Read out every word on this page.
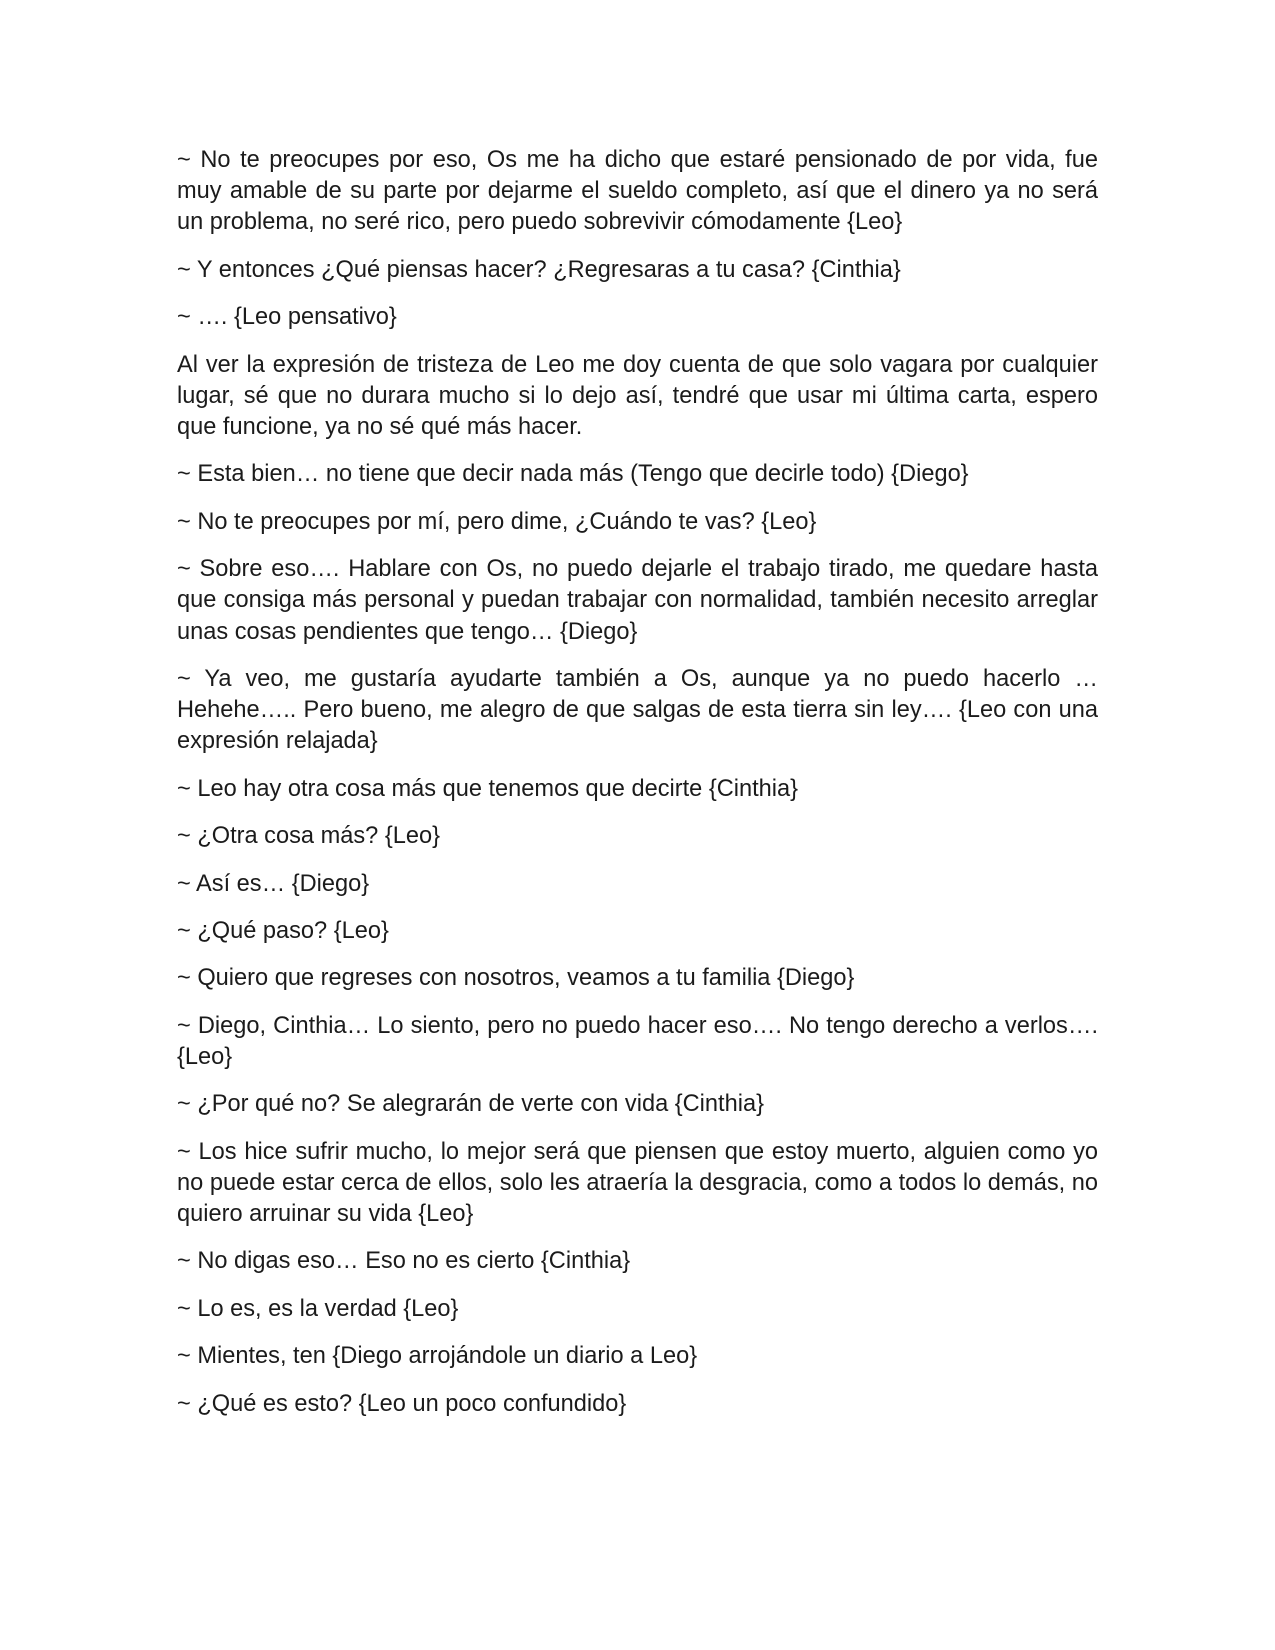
~ No te preocupes por eso, Os me ha dicho que estaré pensionado de por vida, fue muy amable de su parte por dejarme el sueldo completo, así que el dinero ya no será un problema, no seré rico, pero puedo sobrevivir cómodamente {Leo}

~ Y entonces ¿Qué piensas hacer? ¿Regresaras a tu casa? {Cinthia}

~ …. {Leo pensativo}

Al ver la expresión de tristeza de Leo me doy cuenta de que solo vagara por cualquier lugar, sé que no durara mucho si lo dejo así, tendré que usar mi última carta, espero que funcione, ya no sé qué más hacer.

~ Esta bien… no tiene que decir nada más (Tengo que decirle todo) {Diego}

~ No te preocupes por mí, pero dime, ¿Cuándo te vas? {Leo}

~ Sobre eso…. Hablare con Os, no puedo dejarle el trabajo tirado, me quedare hasta que consiga más personal y puedan trabajar con normalidad, también necesito arreglar unas cosas pendientes que tengo… {Diego}

~ Ya veo, me gustaría ayudarte también a Os, aunque ya no puedo hacerlo … Hehehe….. Pero bueno, me alegro de que salgas de esta tierra sin ley…. {Leo con una expresión relajada}

~ Leo hay otra cosa más que tenemos que decirte {Cinthia}

~ ¿Otra cosa más? {Leo}

~ Así es… {Diego}

~ ¿Qué paso? {Leo}

~ Quiero que regreses con nosotros, veamos a tu familia {Diego}

~ Diego, Cinthia… Lo siento, pero no puedo hacer eso…. No tengo derecho a verlos…. {Leo}

~ ¿Por qué no? Se alegrarán de verte con vida {Cinthia}

~ Los hice sufrir mucho, lo mejor será que piensen que estoy muerto, alguien como yo no puede estar cerca de ellos, solo les atraería la desgracia, como a todos lo demás, no quiero arruinar su vida {Leo}

~ No digas eso… Eso no es cierto {Cinthia}

~ Lo es, es la verdad {Leo}

~ Mientes, ten {Diego arrojándole un diario a Leo}

~ ¿Qué es esto? {Leo un poco confundido}
